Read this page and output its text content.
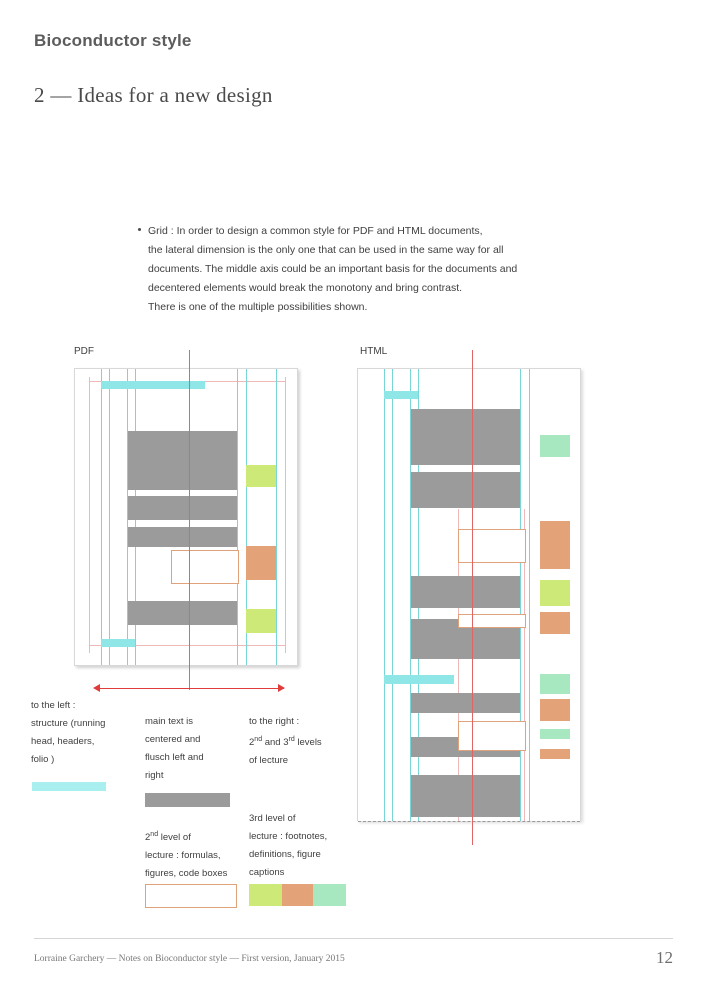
Bioconductor style
2 — Ideas for a new design
Grid : In order to design a common style for PDF and HTML documents,
the lateral dimension is the only one that can be used in the same way for all
documents. The middle axis could be an important basis for the documents and
decentered elements would break the monotony and bring contrast.
There is one of the multiple possibilities shown.
PDF	HTML
to the left :
structure (running
head, headers,
folio )
main text is
centered and
flusch left and
right
to the right :
2nd and 3rd levels
of lecture
2nd level of
lecture : formulas,
figures, code boxes
3rd level of
lecture : footnotes,
definitions, figure
captions
Lorraine Garchery — Notes on Bioconductor style — First version, January 2015	12
